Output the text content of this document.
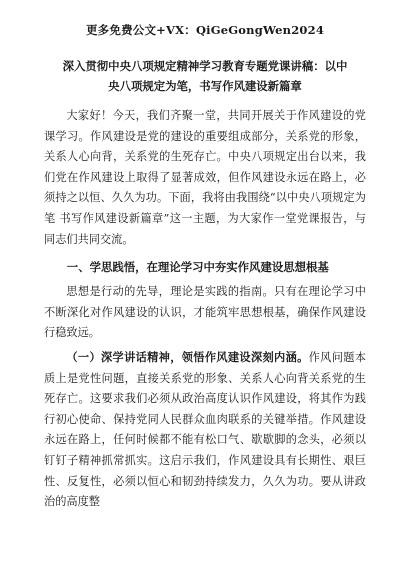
更多免费公文+VX：QiGeGongWen2024
深入贯彻中央八项规定精神学习教育专题党课讲稿：以中
央八项规定为笔，书写作风建设新篇章

大家好！今天，我们齐聚一堂，共同开展关于作风建设的党课学习。作风建设是党的建设的重要组成部分，关系党的形象，关系人心向背，关系党的生死存亡。中央八项规定出台以来，我们党在作风建设上取得了显著成效，但作风建设永远在路上，必须持之以恒、久久为功。下面，我将由我围绕“以中央八项规定为笔 书写作风建设新篇章”这一主题，为大家作一堂党课报告，与同志们共同交流。

一、学思践悟，在理论学习中夯实作风建设思想根基

思想是行动的先导，理论是实践的指南。只有在理论学习中不断深化对作风建设的认识，才能筑牢思想根基，确保作风建设行稳致远。

（一）深学讲话精神，领悟作风建设深刻内涵。作风问题本质上是党性问题，直接关系党的形象、关系人心向背关系党的生死存亡。这要求我们必须从政治高度认识作风建设，将其作为践行初心使命、保持党同人民群众血肉联系的关键举措。作风建设永远在路上，任何时候都不能有松口气、歇歇脚的念头，必须以钉钉子精神抓常抓实。这启示我们，作风建设具有长期性、艰巨性、反复性，必须以恒心和韧劲持续发力，久久为功。要从讲政治的高度整
